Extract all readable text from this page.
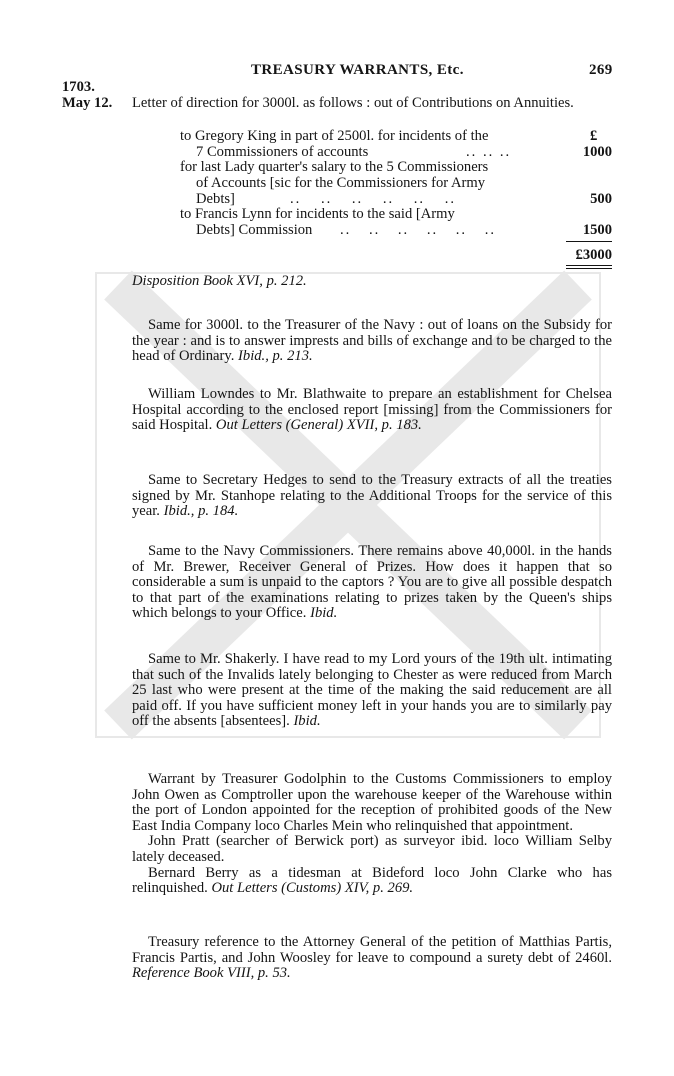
TREASURY WARRANTS, Etc.	269
1703.
May 12. Letter of direction for 3000l. as follows : out of Contributions on Annuities.
£
to Gregory King in part of 2500l. for incidents of the
7 Commissioners of accounts	.. .. ..	1000
for last Lady quarter's salary to the 5 Commissioners
of Accounts [sic for the Commissioners for Army
Debts]	.. .. .. .. .. ..	500
to Francis Lynn for incidents to the said [Army
Debts] Commission .. .. .. .. .. ..	1500
£3000
Disposition Book XVI, p. 212.
Same for 3000l. to the Treasurer of the Navy : out of loans on the Subsidy for the year : and is to answer imprests and bills of exchange and to be charged to the head of Ordinary. Ibid., p. 213.
William Lowndes to Mr. Blathwaite to prepare an establishment for Chelsea Hospital according to the enclosed report [missing] from the Commissioners for said Hospital. Out Letters (General) XVII, p. 183.
Same to Secretary Hedges to send to the Treasury extracts of all the treaties signed by Mr. Stanhope relating to the Additional Troops for the service of this year. Ibid., p. 184.
Same to the Navy Commissioners. There remains above 40,000l. in the hands of Mr. Brewer, Receiver General of Prizes. How does it happen that so considerable a sum is unpaid to the captors ? You are to give all possible despatch to that part of the examinations relating to prizes taken by the Queen's ships which belongs to your Office. Ibid.
Same to Mr. Shakerly. I have read to my Lord yours of the 19th ult. intimating that such of the Invalids lately belonging to Chester as were reduced from March 25 last who were present at the time of the making the said reducement are all paid off. If you have sufficient money left in your hands you are to similarly pay off the absents [absentees]. Ibid.

Warrant by Treasurer Godolphin to the Customs Commissioners to employ John Owen as Comptroller upon the warehouse keeper of the Warehouse within the port of London appointed for the reception of prohibited goods of the New East India Company loco Charles Mein who relinquished that appointment.

John Pratt (searcher of Berwick port) as surveyor ibid. loco William Selby lately deceased.

Bernard Berry as a tidesman at Bideford loco John Clarke who has relinquished. Out Letters (Customs) XIV, p. 269.

Treasury reference to the Attorney General of the petition of Matthias Partis, Francis Partis, and John Woosley for leave to compound a surety debt of 2460l. Reference Book VIII, p. 53.
